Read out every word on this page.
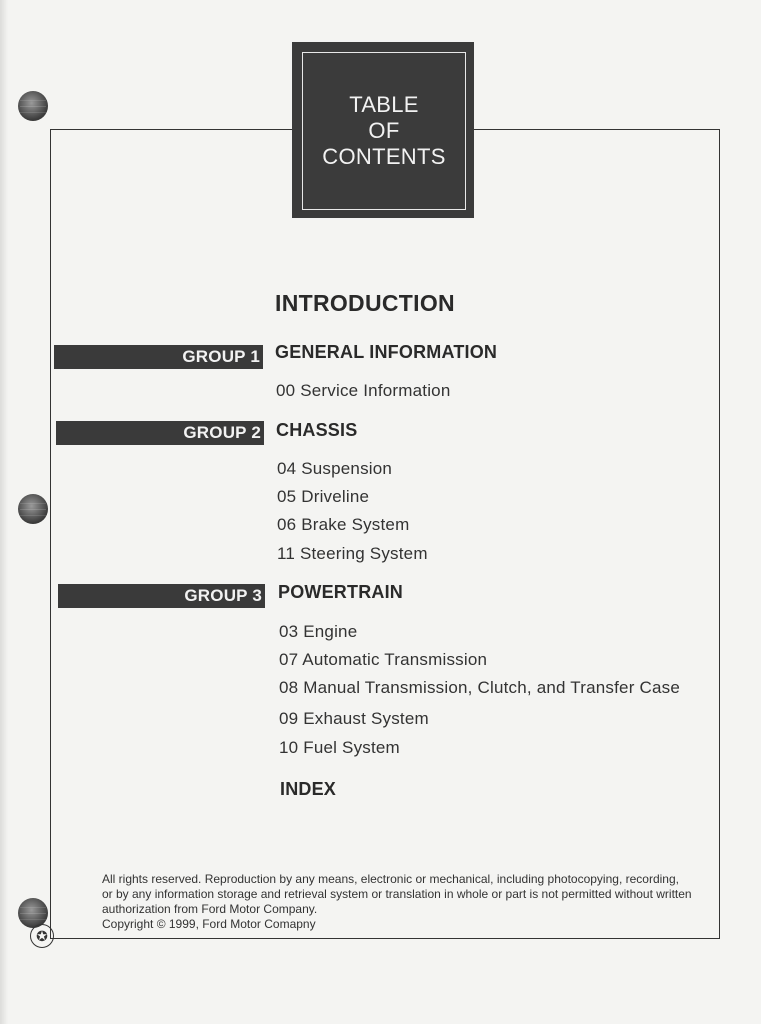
✪
TABLE
OF
CONTENTS
INTRODUCTION
GROUP 1 GENERAL INFORMATION
00 Service Information
GROUP 2 CHASSIS
04 Suspension
05 Driveline
06 Brake System
11 Steering System
GROUP 3 POWERTRAIN
03 Engine
07 Automatic Transmission
08 Manual Transmission, Clutch, and Transfer Case
09 Exhaust System
10 Fuel System
INDEX

All rights reserved. Reproduction by any means, electronic or mechanical, including photocopying, recording, or by any information storage and retrieval system or translation in whole or part is not permitted without written authorization from Ford Motor Company.

Copyright © 1999, Ford Motor Comapny
